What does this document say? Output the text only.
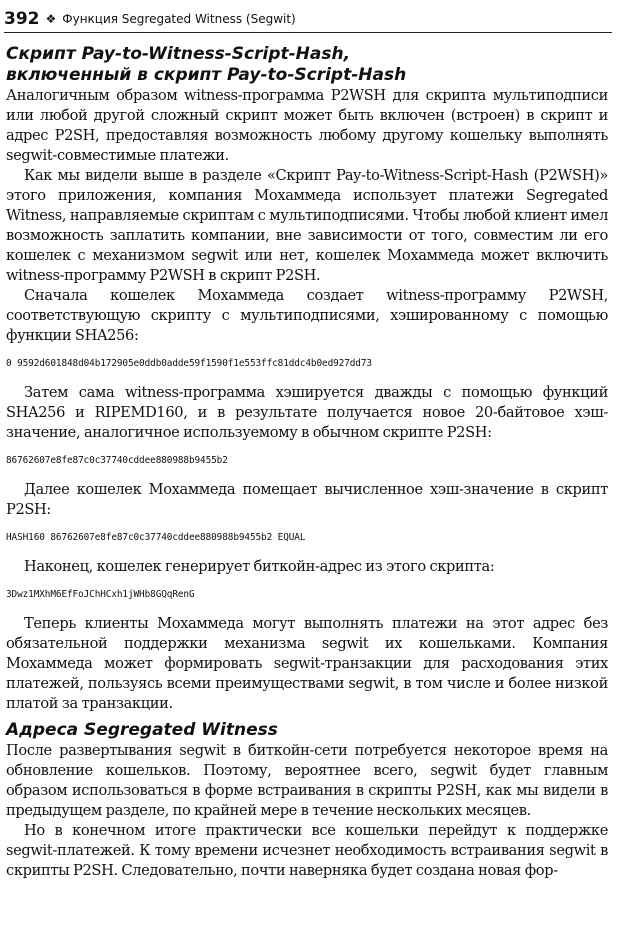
392 ❖ Функция Segregated Witness (Segwit)
Скрипт Pay-to-Witness-Script-Hash,
включенный в скрипт Pay-to-Script-Hash

Аналогичным образом witness-программа P2WSH для скрипта мультиподписи или любой другой сложный скрипт может быть включен (встроен) в скрипт и адрес P2SH, предоставляя возможность любому другому кошельку выполнять segwit-совместимые платежи.

Как мы видели выше в разделе «Скрипт Pay-to-Witness-Script-Hash (P2WSH)» этого приложения, компания Мохаммеда использует платежи Segregated Witness, направляемые скриптам с мультиподписями. Чтобы любой клиент имел возможность заплатить компании, вне зависимости от того, совместим ли его кошелек с механизмом segwit или нет, кошелек Мохаммеда может включить witness-программу P2WSH в скрипт P2SH.

Сначала кошелек Мохаммеда создает witness-программу P2WSH, соответствующую скрипту с мультиподписями, хэшированному с помощью функции SHA256:

0 9592d601848d04b172905e0ddb0adde59f1590f1e553ffc81ddc4b0ed927dd73

Затем сама witness-программа хэшируется дважды с помощью функций SHA256 и RIPEMD160, и в результате получается новое 20-байтовое хэш-значение, аналогичное используемому в обычном скрипте P2SH:

86762607e8fe87c0c37740cddee880988b9455b2

Далее кошелек Мохаммеда помещает вычисленное хэш-значение в скрипт P2SH:

HASH160 86762607e8fe87c0c37740cddee880988b9455b2 EQUAL

Наконец, кошелек генерирует биткойн-адрес из этого скрипта:

3Dwz1MXhM6EfFoJChHCxh1jWHb8GQqRenG

Теперь клиенты Мохаммеда могут выполнять платежи на этот адрес без обязательной поддержки механизма segwit их кошельками. Компания Мохаммеда может формировать segwit-транзакции для расходования этих платежей, пользуясь всеми преимуществами segwit, в том числе и более низкой платой за транзакции.

Адреса Segregated Witness

После развертывания segwit в биткойн-сети потребуется некоторое время на обновление кошельков. Поэтому, вероятнее всего, segwit будет главным образом использоваться в форме встраивания в скрипты P2SH, как мы видели в предыдущем разделе, по крайней мере в течение нескольких месяцев.

Но в конечном итоге практически все кошельки перейдут к поддержке segwit-платежей. К тому времени исчезнет необходимость встраивания segwit в скрипты P2SH. Следовательно, почти наверняка будет создана новая фор-
